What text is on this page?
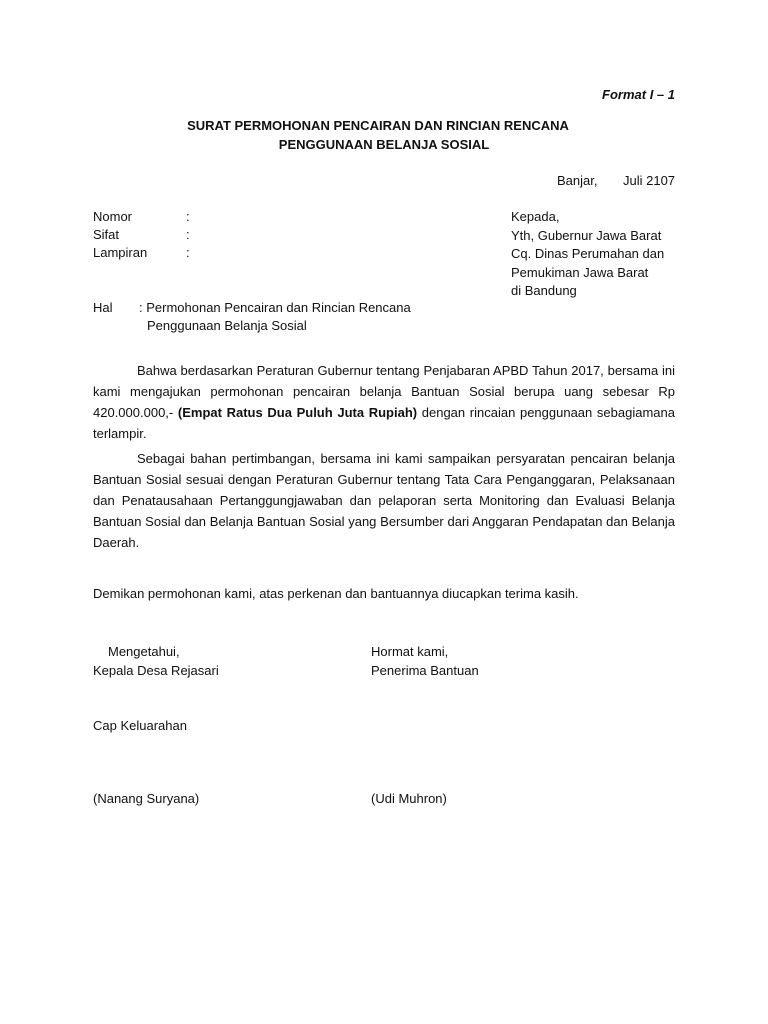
Format I – 1
SURAT PERMOHONAN PENCAIRAN DAN RINCIAN RENCANA
PENGGUNAAN BELANJA SOSIAL
Banjar, Juli 2107
Nomor	:
Sifat	:
Lampiran	:
Kepada,
Yth, Gubernur Jawa Barat
Cq. Dinas Perumahan dan
Pemukiman Jawa Barat
di Bandung
Hal : Permohonan Pencairan dan Rincian Rencana
Penggunaan Belanja Sosial
Bahwa berdasarkan Peraturan Gubernur tentang Penjabaran APBD Tahun 2017, bersama ini kami mengajukan permohonan pencairan belanja Bantuan Sosial berupa uang sebesar Rp 420.000.000,- (Empat Ratus Dua Puluh Juta Rupiah) dengan rincaian penggunaan sebagiamana terlampir.
Sebagai bahan pertimbangan, bersama ini kami sampaikan persyaratan pencairan belanja Bantuan Sosial sesuai dengan Peraturan Gubernur tentang Tata Cara Penganggaran, Pelaksanaan dan Penatausahaan Pertanggungjawaban dan pelaporan serta Monitoring dan Evaluasi Belanja Bantuan Sosial dan Belanja Bantuan Sosial yang Bersumber dari Anggaran Pendapatan dan Belanja Daerah.
Demikan permohonan kami, atas perkenan dan bantuannya diucapkan terima kasih.
Mengetahui,
Kepala Desa Rejasari
Hormat kami,
Penerima Bantuan
Cap Keluarahan
(Nanang Suryana)	(Udi Muhron)
